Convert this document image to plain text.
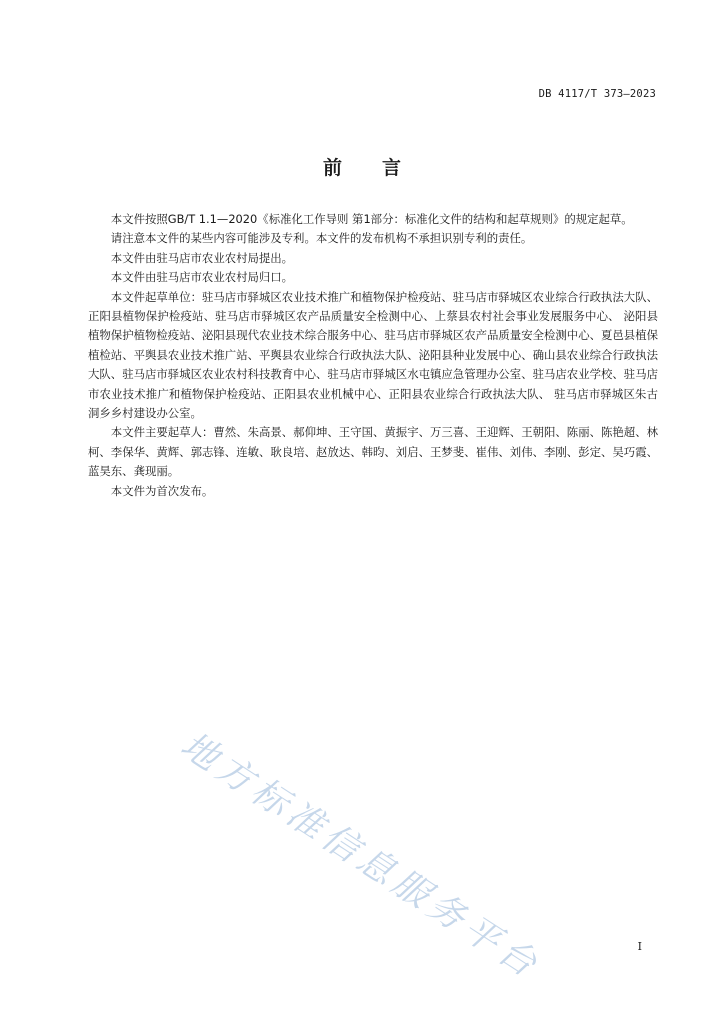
DB 4117/T 373—2023
前言

本文件按照GB/T 1.1—2020《标准化工作导则 第1部分：标准化文件的结构和起草规则》的规定起草。

请注意本文件的某些内容可能涉及专利。本文件的发布机构不承担识别专利的责任。

本文件由驻马店市农业农村局提出。

本文件由驻马店市农业农村局归口。

本文件起草单位：驻马店市驿城区农业技术推广和植物保护检疫站、驻马店市驿城区农业综合行政执法大队、正阳县植物保护检疫站、驻马店市驿城区农产品质量安全检测中心、上蔡县农村社会事业发展服务中心、 泌阳县植物保护植物检疫站、泌阳县现代农业技术综合服务中心、驻马店市驿城区农产品质量安全检测中心、夏邑县植保植检站、平舆县农业技术推广站、平舆县农业综合行政执法大队、泌阳县种业发展中心、确山县农业综合行政执法大队、驻马店市驿城区农业农村科技教育中心、驻马店市驿城区水屯镇应急管理办公室、驻马店农业学校、驻马店市农业技术推广和植物保护检疫站、正阳县农业机械中心、正阳县农业综合行政执法大队、 驻马店市驿城区朱古洞乡乡村建设办公室。

本文件主要起草人：曹然、朱高景、郝仰坤、王守国、黄振宇、万三喜、王迎辉、王朝阳、陈丽、陈艳超、林柯、李保华、黄辉、郭志锋、连敏、耿良培、赵放达、韩昀、刘启、王梦斐、崔伟、刘伟、李刚、彭定、吴巧霞、蓝昊东、龚现丽。

本文件为首次发布。

地方标准信息服务平台	I
